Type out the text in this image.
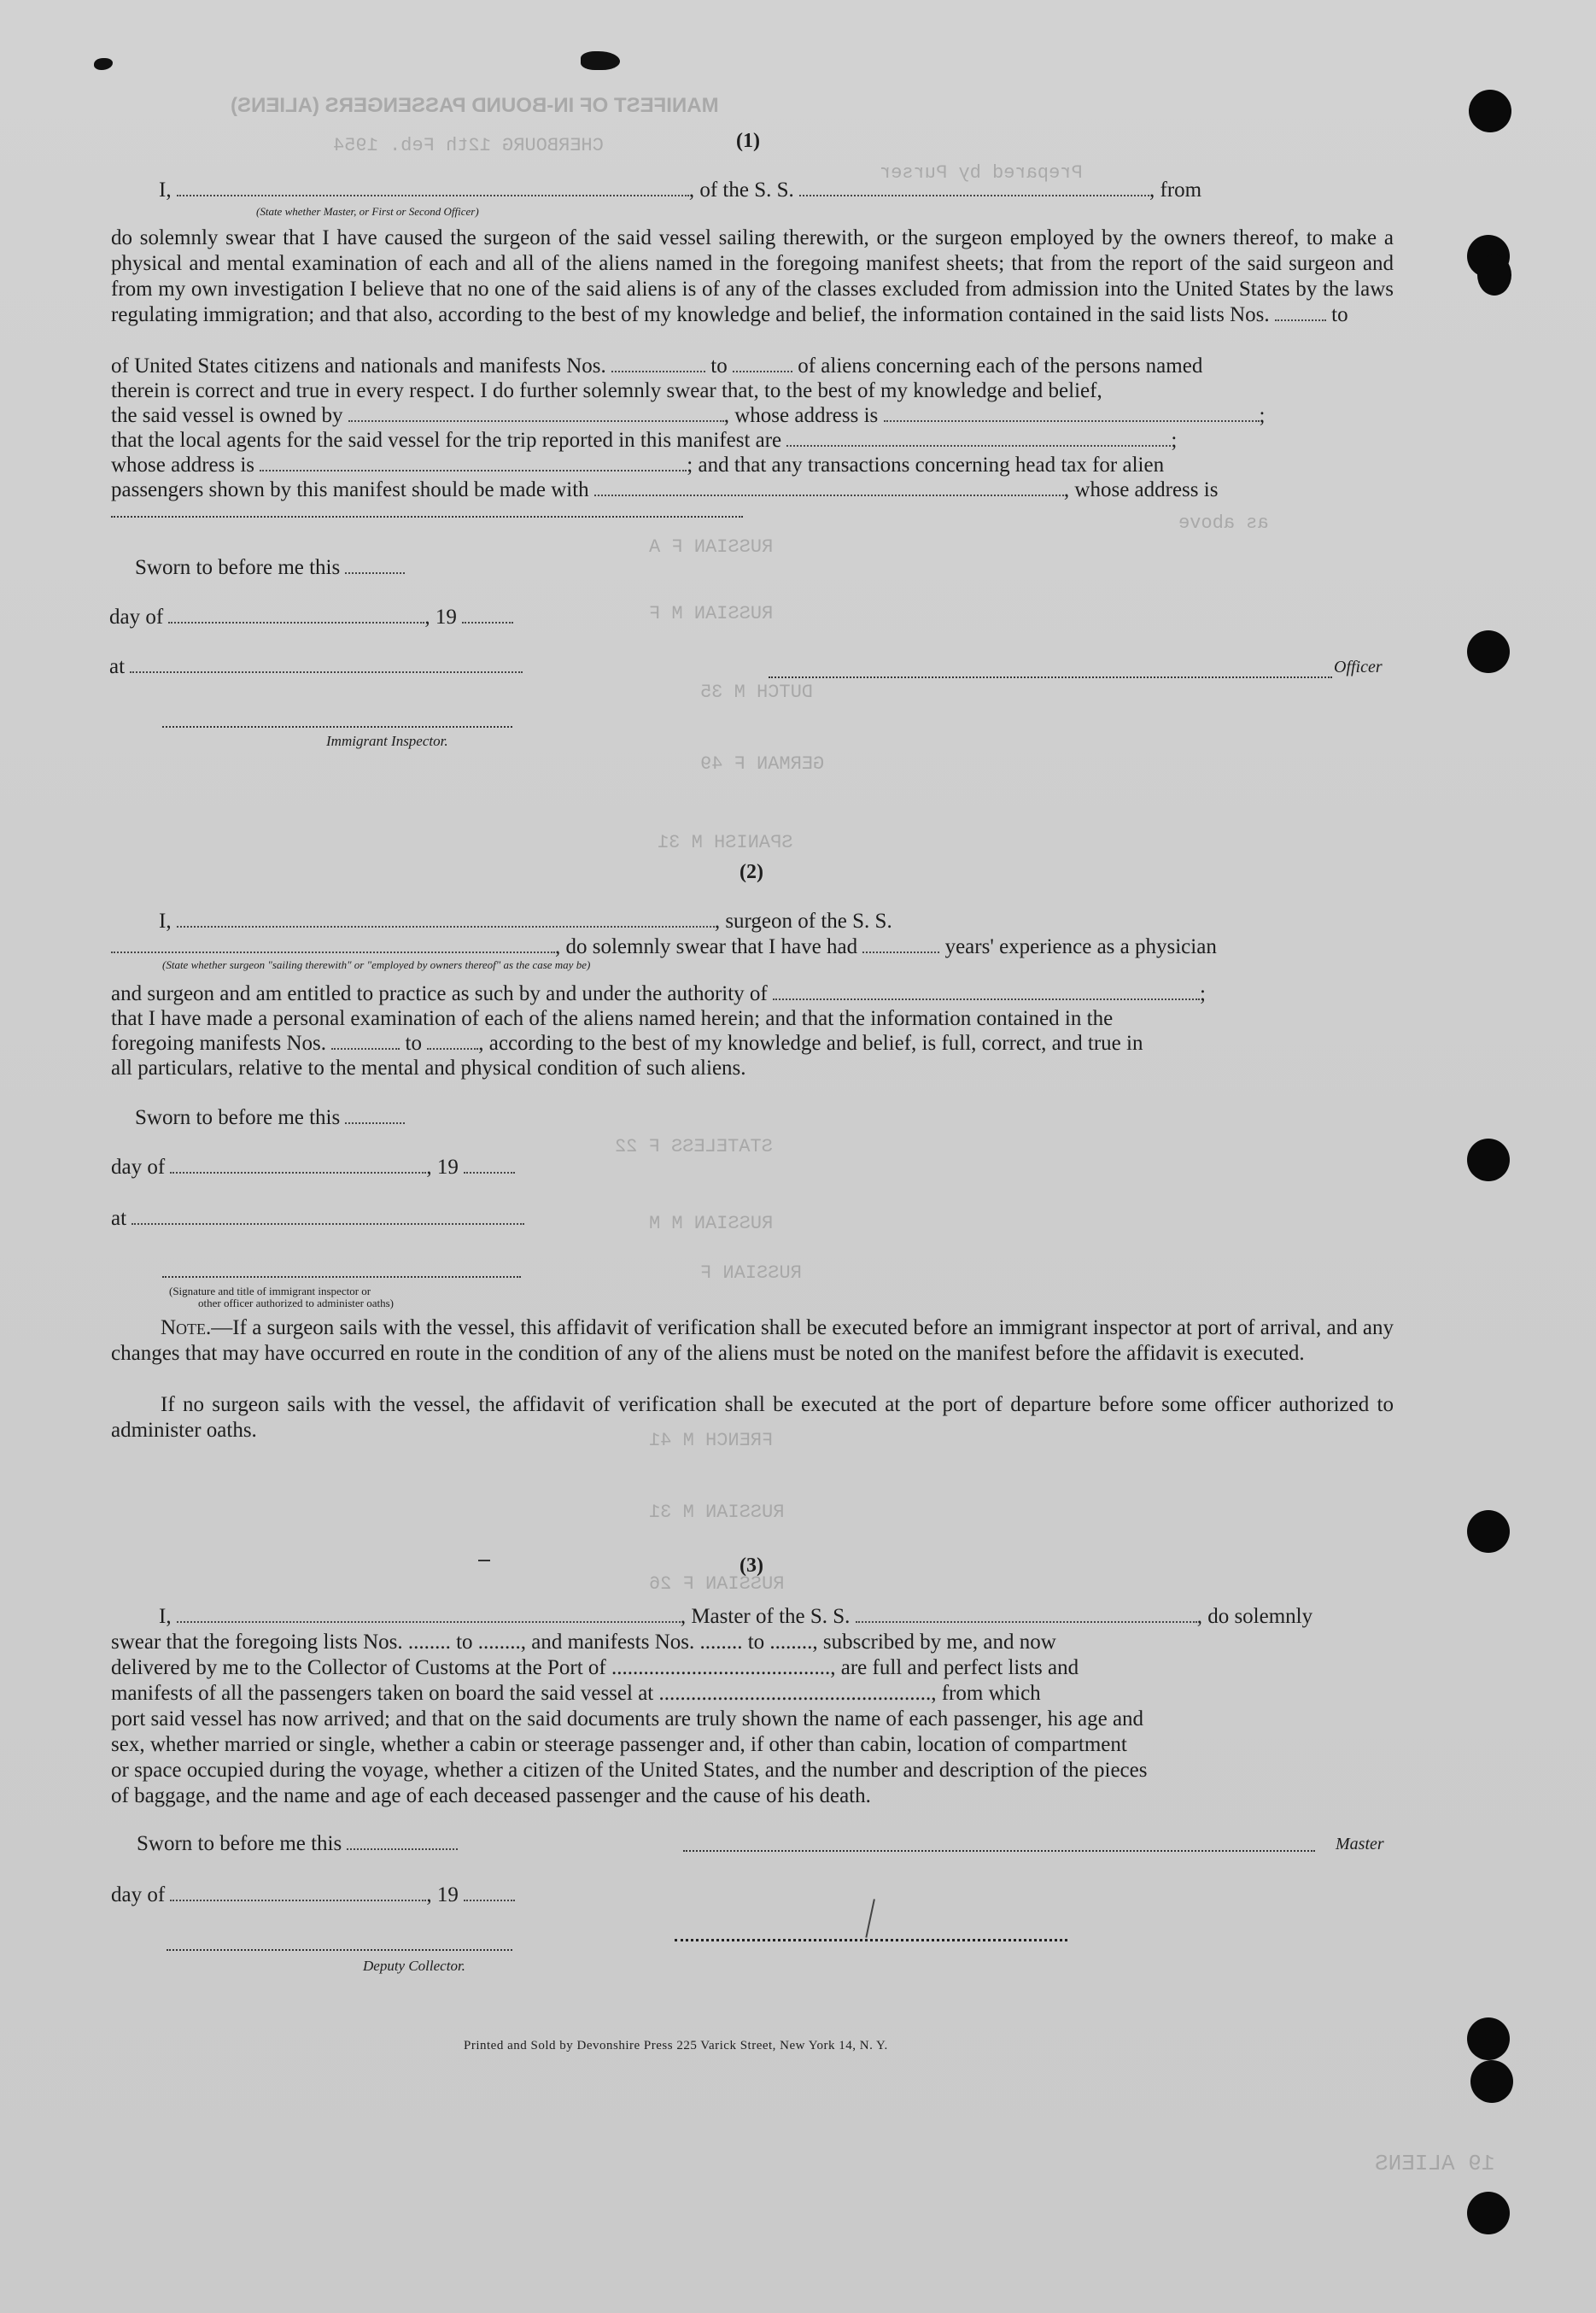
MANIFEST OF IN-BOUND PASSENGERS (ALIENS)
CHERBOURG 12th Feb. 1954
Prepared by Purser
as above
RUSSIAN F A
RUSSIAN M F
DUTCH M 35
GERMAN F 49
SPANISH M 31
STATELESS F 22
RUSSIAN M M
RUSSIAN F
FRENCH M 41
RUSSIAN M 31
RUSSIAN F 26
19 ALIENS
(1)
I,	, of the S. S.	, from
(State whether Master, or First or Second Officer)
do solemnly swear that I have caused the surgeon of the said vessel sailing therewith, or the surgeon employed by the owners thereof, to make a physical and mental examination of each and all of the aliens named in the foregoing manifest sheets; that from the report of the said surgeon and from my own investigation I believe that no one of the said aliens is of any of the classes excluded from admission into the United States by the laws regulating immigration; and that also, according to the best of my knowledge and belief, the information contained in the said lists Nos.	to
of United States citizens and nationals and manifests Nos.	to	of aliens concerning each of the persons named
therein is correct and true in every respect. I do further solemnly swear that, to the best of my knowledge and belief,
the said vessel is owned by	, whose address is	;
that the local agents for the said vessel for the trip reported in this manifest are	;
whose address is	; and that any transactions concerning head tax for alien
passengers shown by this manifest should be made with	, whose address is
Sworn to before me this
day of	, 19
at	Officer
Immigrant Inspector.
(2)
I,	, surgeon of the S. S.
, do solemnly swear that I have had	years' experience as a physician
(State whether surgeon "sailing therewith" or "employed by owners thereof" as the case may be)
and surgeon and am entitled to practice as such by and under the authority of	;
that I have made a personal examination of each of the aliens named herein; and that the information contained in the
foregoing manifests Nos.	to	, according to the best of my knowledge and belief, is full, correct, and true in
all particulars, relative to the mental and physical condition of such aliens.
Sworn to before me this
day of	, 19
at
(Signature and title of immigrant inspector or
other officer authorized to administer oaths)
Note.—If a surgeon sails with the vessel, this affidavit of verification shall be executed before an immigrant inspector at port of arrival, and any changes that may have occurred en route in the condition of any of the aliens must be noted on the manifest before the affidavit is executed.
If no surgeon sails with the vessel, the affidavit of verification shall be executed at the port of departure before some officer authorized to administer oaths.
(3)
I,	, Master of the S. S.	, do solemnly
swear that the foregoing lists Nos. ........ to ........, and manifests Nos. ........ to ........, subscribed by me, and now
delivered by me to the Collector of Customs at the Port of ........................................., are full and perfect lists and
manifests of all the passengers taken on board the said vessel at ..................................................., from which
port said vessel has now arrived; and that on the said documents are truly shown the name of each passenger, his age and
sex, whether married or single, whether a cabin or steerage passenger and, if other than cabin, location of compartment
or space occupied during the voyage, whether a citizen of the United States, and the number and description of the pieces
of baggage, and the name and age of each deceased passenger and the cause of his death.
Sworn to before me this	Master
day of	, 19
Deputy Collector.
Printed and Sold by Devonshire Press 225 Varick Street, New York 14, N. Y.
